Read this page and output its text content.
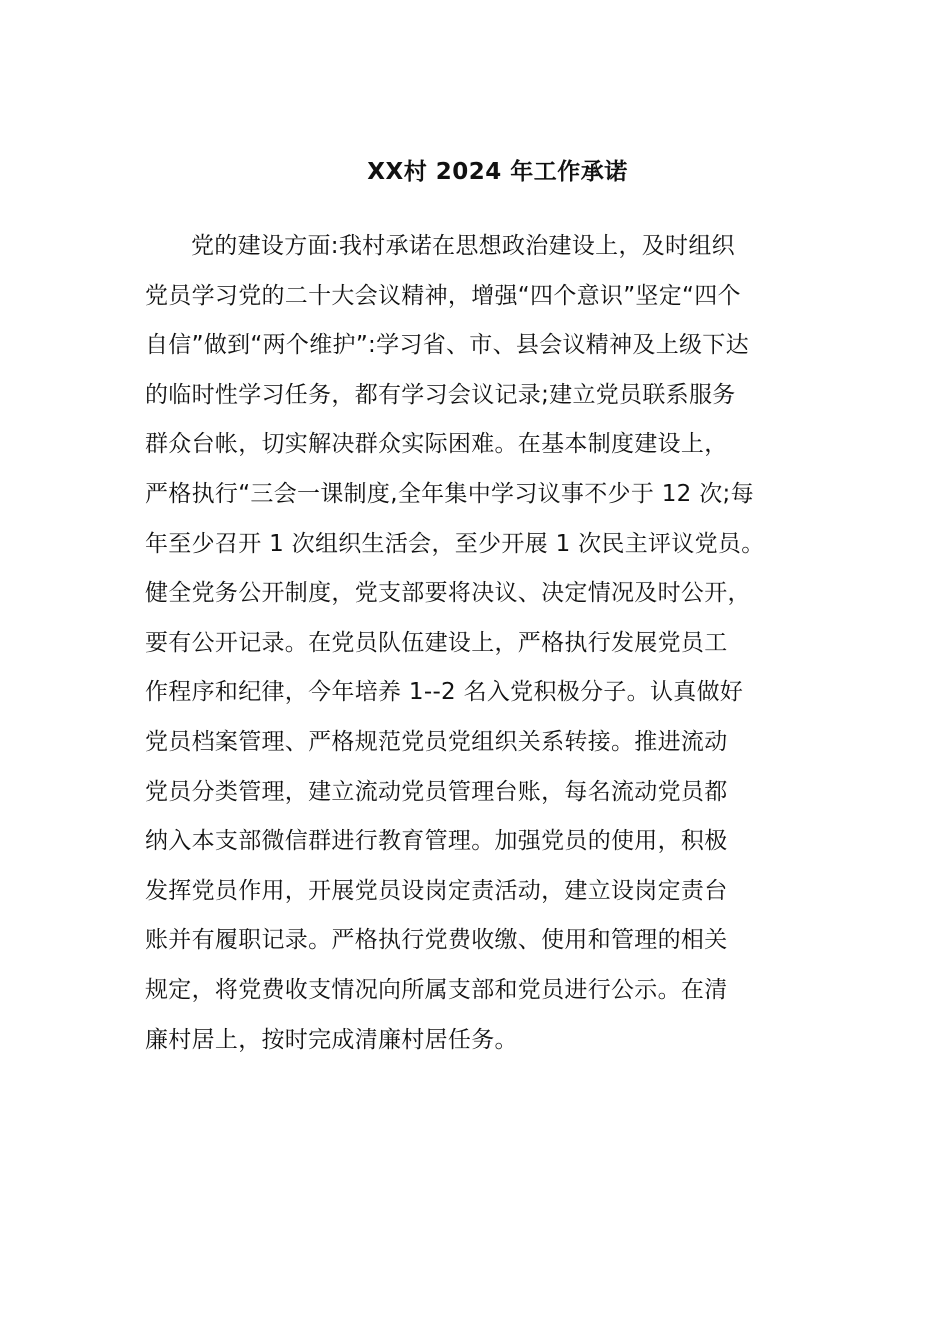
XX村 2024 年工作承诺
党的建设方面:我村承诺在思想政治建设上，及时组织
党员学习党的二十大会议精神，增强“四个意识”坚定“四个
自信”做到“两个维护”:学习省、市、县会议精神及上级下达
的临时性学习任务，都有学习会议记录;建立党员联系服务
群众台帐，切实解决群众实际困难。在基本制度建设上，
严格执行“三会一课制度,全年集中学习议事不少于 12 次;每
年至少召开 1 次组织生活会，至少开展 1 次民主评议党员。
健全党务公开制度，党支部要将决议、决定情况及时公开，
要有公开记录。在党员队伍建设上，严格执行发展党员工
作程序和纪律，今年培养 1--2 名入党积极分子。认真做好
党员档案管理、严格规范党员党组织关系转接。推进流动
党员分类管理，建立流动党员管理台账，每名流动党员都
纳入本支部微信群进行教育管理。加强党员的使用，积极
发挥党员作用，开展党员设岗定责活动，建立设岗定责台
账并有履职记录。严格执行党费收缴、使用和管理的相关
规定，将党费收支情况向所属支部和党员进行公示。在清
廉村居上，按时完成清廉村居任务。
